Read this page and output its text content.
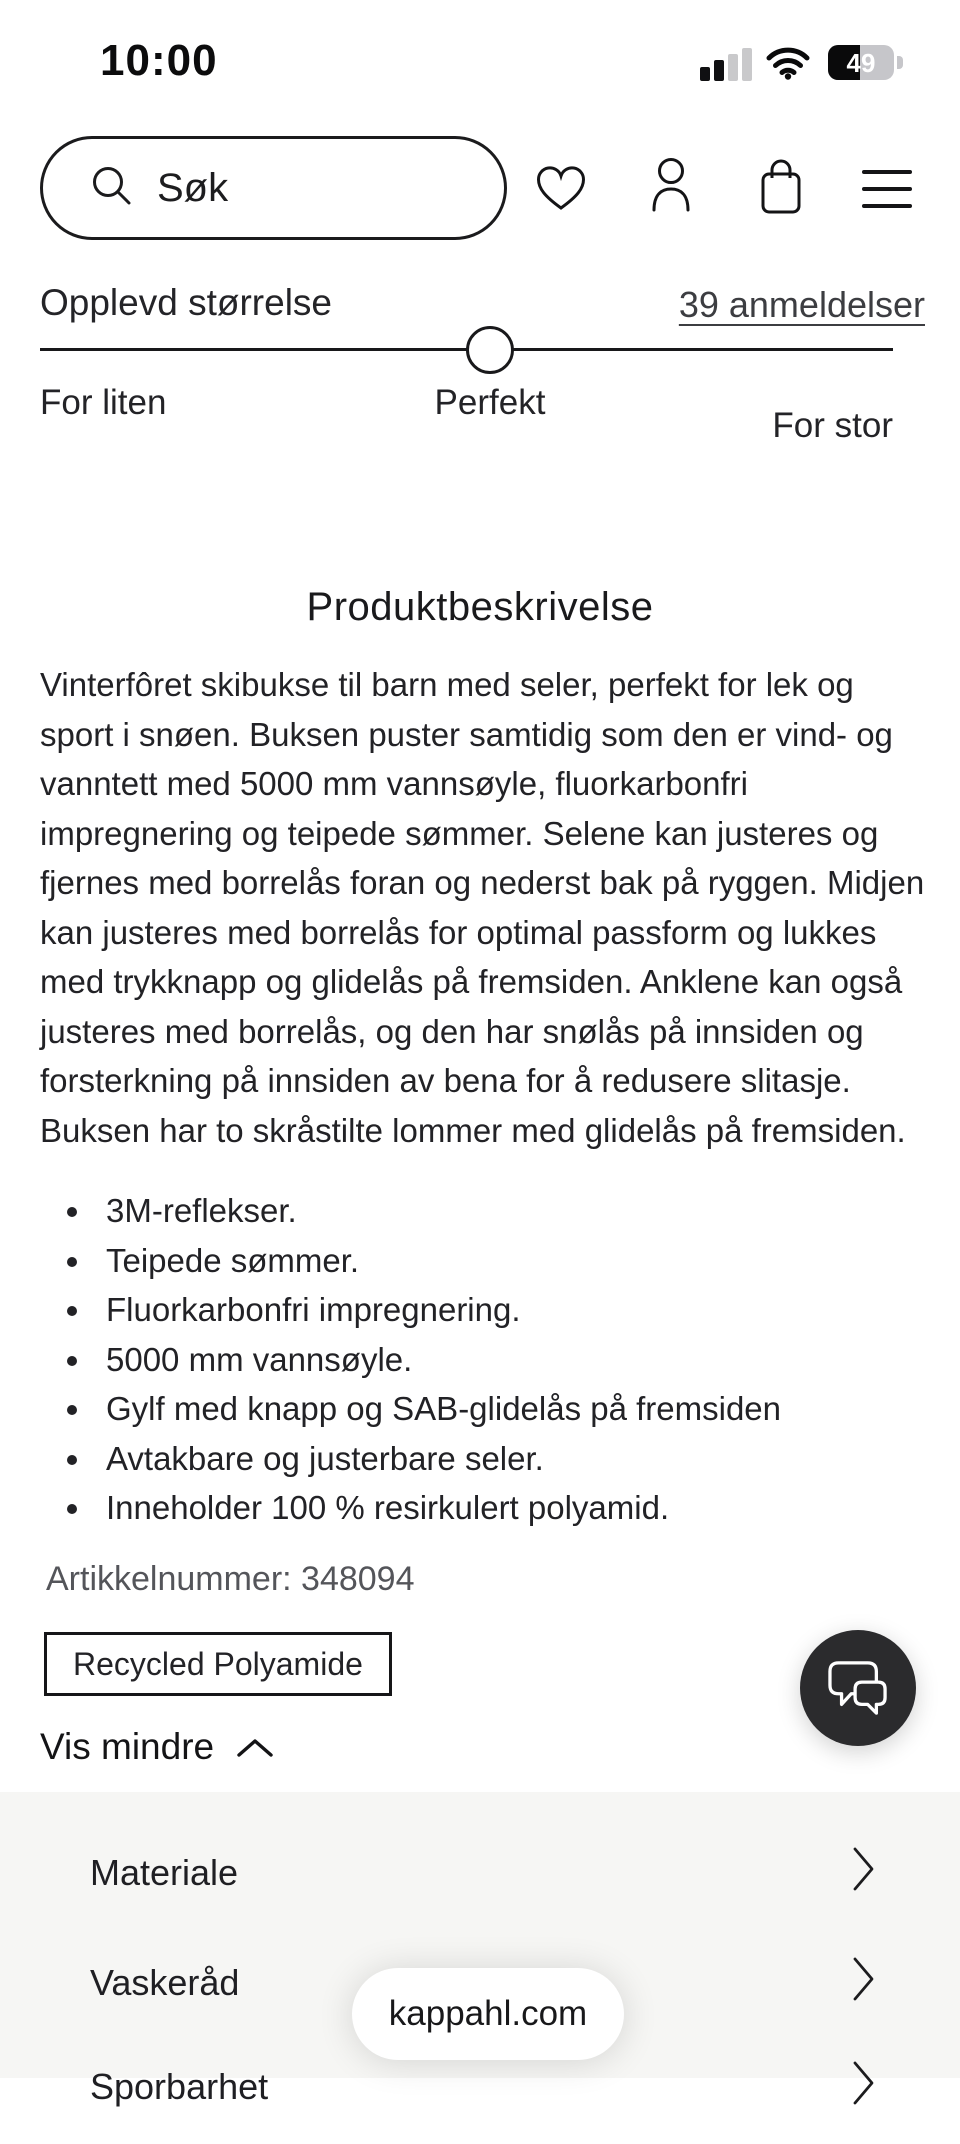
10:00	49
Søk
Opplevd størrelse	39 anmeldelser
For liten	Perfekt
For stor
Produktbeskrivelse

Vinterfôret skibukse til barn med seler, perfekt for lek og sport i snøen. Buksen puster samtidig som den er vind- og vanntett med 5000 mm vannsøyle, fluorkarbonfri impregnering og teipede sømmer. Selene kan justeres og fjernes med borrelås foran og nederst bak på ryggen. Midjen kan justeres med borrelås for optimal passform og lukkes med trykknapp og glidelås på fremsiden. Anklene kan også justeres med borrelås, og den har snølås på innsiden og forsterkning på innsiden av bena for å redusere slitasje. Buksen har to skråstilte lommer med glidelås på fremsiden.

• 3M-reflekser.
• Teipede sømmer.
• Fluorkarbonfri impregnering.
• 5000 mm vannsøyle.
• Gylf med knapp og SAB-glidelås på fremsiden
• Avtakbare og justerbare seler.
• Inneholder 100 % resirkulert polyamid.
Artikkelnummer: 348094
Recycled Polyamide
Vis mindre
Materiale
Vaskeråd
Sporbarhet
kappahl.com
